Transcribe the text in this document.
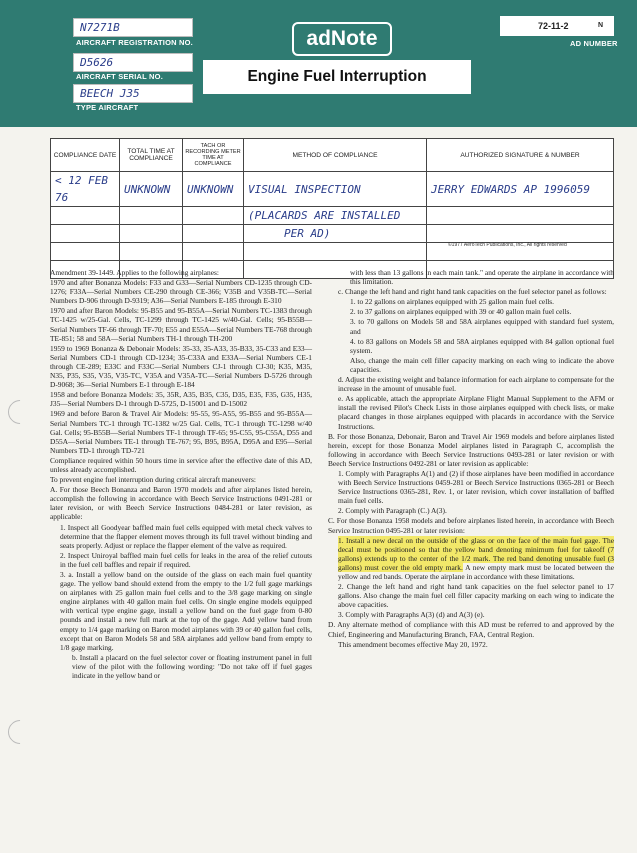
N7271B
AIRCRAFT REGISTRATION NO.
D5626
AIRCRAFT SERIAL NO.
BEECH J35
TYPE AIRCRAFT
adNote
Engine Fuel Interruption
72-11-2	N
AD NUMBER
COMPLIANCE DATE	TOTAL TIME AT COMPLIANCE	TACH OR RECORDING METER TIME AT COMPLIANCE	METHOD OF COMPLIANCE	AUTHORIZED SIGNATURE & NUMBER
< 12 FEB 76	UNKNOWN	UNKNOWN	VISUAL INSPECTION	JERRY EDWARDS AP 1996059
			(PLACARDS ARE INSTALLED	
			PER AD)	

©1977 AeroTech Publications, Inc., All rights reserved

Amendment 39-1449. Applies to the following airplanes:

1970 and after Bonanza Models: F33 and G33—Serial Numbers CD-1235 through CD-1276; F33A—Serial Numbers CE-290 through CE-366; V35B and V35B-TC—Serial Numbers D-906 through D-9319; A36—Serial Numbers E-185 through E-310

1970 and after Baron Models: 95-B55 and 95-B55A—Serial Numbers TC-1383 through TC-1425 w/25-Gal. Cells, TC-1299 through TC-1425 w/40-Gal. Cells; 95-B55B—Serial Numbers TF-66 through TF-70; E55 and E55A—Serial Numbers TE-768 through TE-851; 58 and 58A—Serial Numbers TH-1 through TH-200

1959 to 1969 Bonanza & Debonair Models: 35-33, 35-A33, 35-B33, 35-C33 and E33—Serial Numbers CD-1 through CD-1234; 35-C33A and E33A—Serial Numbers CE-1 through CE-289; E33C and F33C—Serial Numbers CJ-1 through CJ-30; K35, M35, N35, P35, S35, V35, V35-TC, V35A and V35A-TC—Serial Numbers D-5726 through D-9068; 36—Serial Numbers E-1 through E-184

1958 and before Bonanza Models: 35, 35R, A35, B35, C35, D35, E35, F35, G35, H35, J35—Serial Numbers D-1 through D-5725, D-15001 and D-15002

1969 and before Baron & Travel Air Models: 95-55, 95-A55, 95-B55 and 95-B55A—Serial Numbers TC-1 through TC-1382 w/25 Gal. Cells, TC-1 through TC-1298 w/40 Gal. Cells; 95-B55B—Serial Numbers TF-1 through TF-65; 95-C55, 95-C55A, D55 and D55A—Serial Numbers TE-1 through TE-767; 95, B95, B95A, D95A and E95—Serial Numbers TD-1 through TD-721

Compliance required within 50 hours time in service after the effective date of this AD, unless already accomplished.

To prevent engine fuel interruption during critical aircraft maneuvers:

A. For those Beech Bonanza and Baron 1970 models and after airplanes listed herein, accomplish the following in accordance with Beech Service Instructions 0491-281 or later revision, or with Beech Service Instructions 0484-281 or later revision, as applicable:

1. Inspect all Goodyear baffled main fuel cells equipped with metal check valves to determine that the flapper element moves through its full travel without binding and seats properly. Adjust or replace the flapper element of the valve as required.

2. Inspect Uniroyal baffled main fuel cells for leaks in the area of the relief cutouts in the fuel cell baffles and repair if required.

3. a. Install a yellow band on the outside of the glass on each main fuel quantity gage. The yellow band should extend from the empty to the 1/2 full gage markings on airplanes with 25 gallon main fuel cells and to the 3/8 gage marking on single engine airplanes with 40 gallon main fuel cells. On single engine models equipped with vertical type engine gage, install a yellow band on the fuel gage from 0-80 pounds and install a new full mark at the top of the gage. Add yellow band from empty to 1/4 gage marking on Baron model airplanes with 39 or 40 gallon fuel cells, except that on Baron Models 58 and 58A airplanes add yellow band from empty to 1/8 gage marking.

b. Install a placard on the fuel selector cover or floating instrument panel in full view of the pilot with the following wording: "Do not take off if fuel gages indicate in the yellow band or

with less than 13 gallons in each main tank." and operate the airplane in accordance with this limitation.

c. Change the left hand and right hand tank capacities on the fuel selector panel as follows:

1. to 22 gallons on airplanes equipped with 25 gallon main fuel cells.

2. to 37 gallons on airplanes equipped with 39 or 40 gallon main fuel cells.

3. to 70 gallons on Models 58 and 58A airplanes equipped with standard fuel system, and

4. to 83 gallons on Models 58 and 58A airplanes equipped with 84 gallon optional fuel system.

Also, change the main cell filler capacity marking on each wing to indicate the above capacities.

d. Adjust the existing weight and balance information for each airplane to compensate for the increase in the amount of unusable fuel.

e. As applicable, attach the appropriate Airplane Flight Manual Supplement to the AFM or install the revised Pilot's Check Lists in those airplanes equipped with check lists, or make placard changes in those airplanes equipped with placards in accordance with the Service Instructions.

B. For those Bonanza, Debonair, Baron and Travel Air 1969 models and before airplanes listed herein, except for those Bonanza Model airplanes listed in Paragraph C, accomplish the following in accordance with Beech Service Instructions 0493-281 or later revision or with Beech Service Instructions 0492-281 or later revision as applicable:

1. Comply with Paragraphs A(1) and (2) if those airplanes have been modified in accordance with Beech Service Instructions 0459-281 or Beech Service Instructions 0365-281 or Beech Service Instructions 0365-281, Rev. 1, or later revision, which cover installation of baffled main fuel cells.

2. Comply with Paragraph (C.) A(3).

C. For those Bonanza 1958 models and before airplanes listed herein, in accordance with Beech Service Instruction 0495-281 or later revision:

1. Install a new decal on the outside of the glass or on the face of the main fuel gage. The decal must be positioned so that the yellow band denoting minimum fuel for takeoff (7 gallons) extends up to the center of the 1/2 mark. The red band denoting unusable fuel (3 gallons) must cover the old empty mark. A new empty mark must be located between the yellow and red bands. Operate the airplane in accordance with these limitations.

2. Change the left hand and right hand tank capacities on the fuel selector panel to 17 gallons. Also change the main fuel cell filler capacity marking on each wing to indicate the above capacities.

3. Comply with Paragraphs A(3) (d) and A(3) (e).

D. Any alternate method of compliance with this AD must be referred to and approved by the Chief, Engineering and Manufacturing Branch, FAA, Central Region.

This amendment becomes effective May 20, 1972.
